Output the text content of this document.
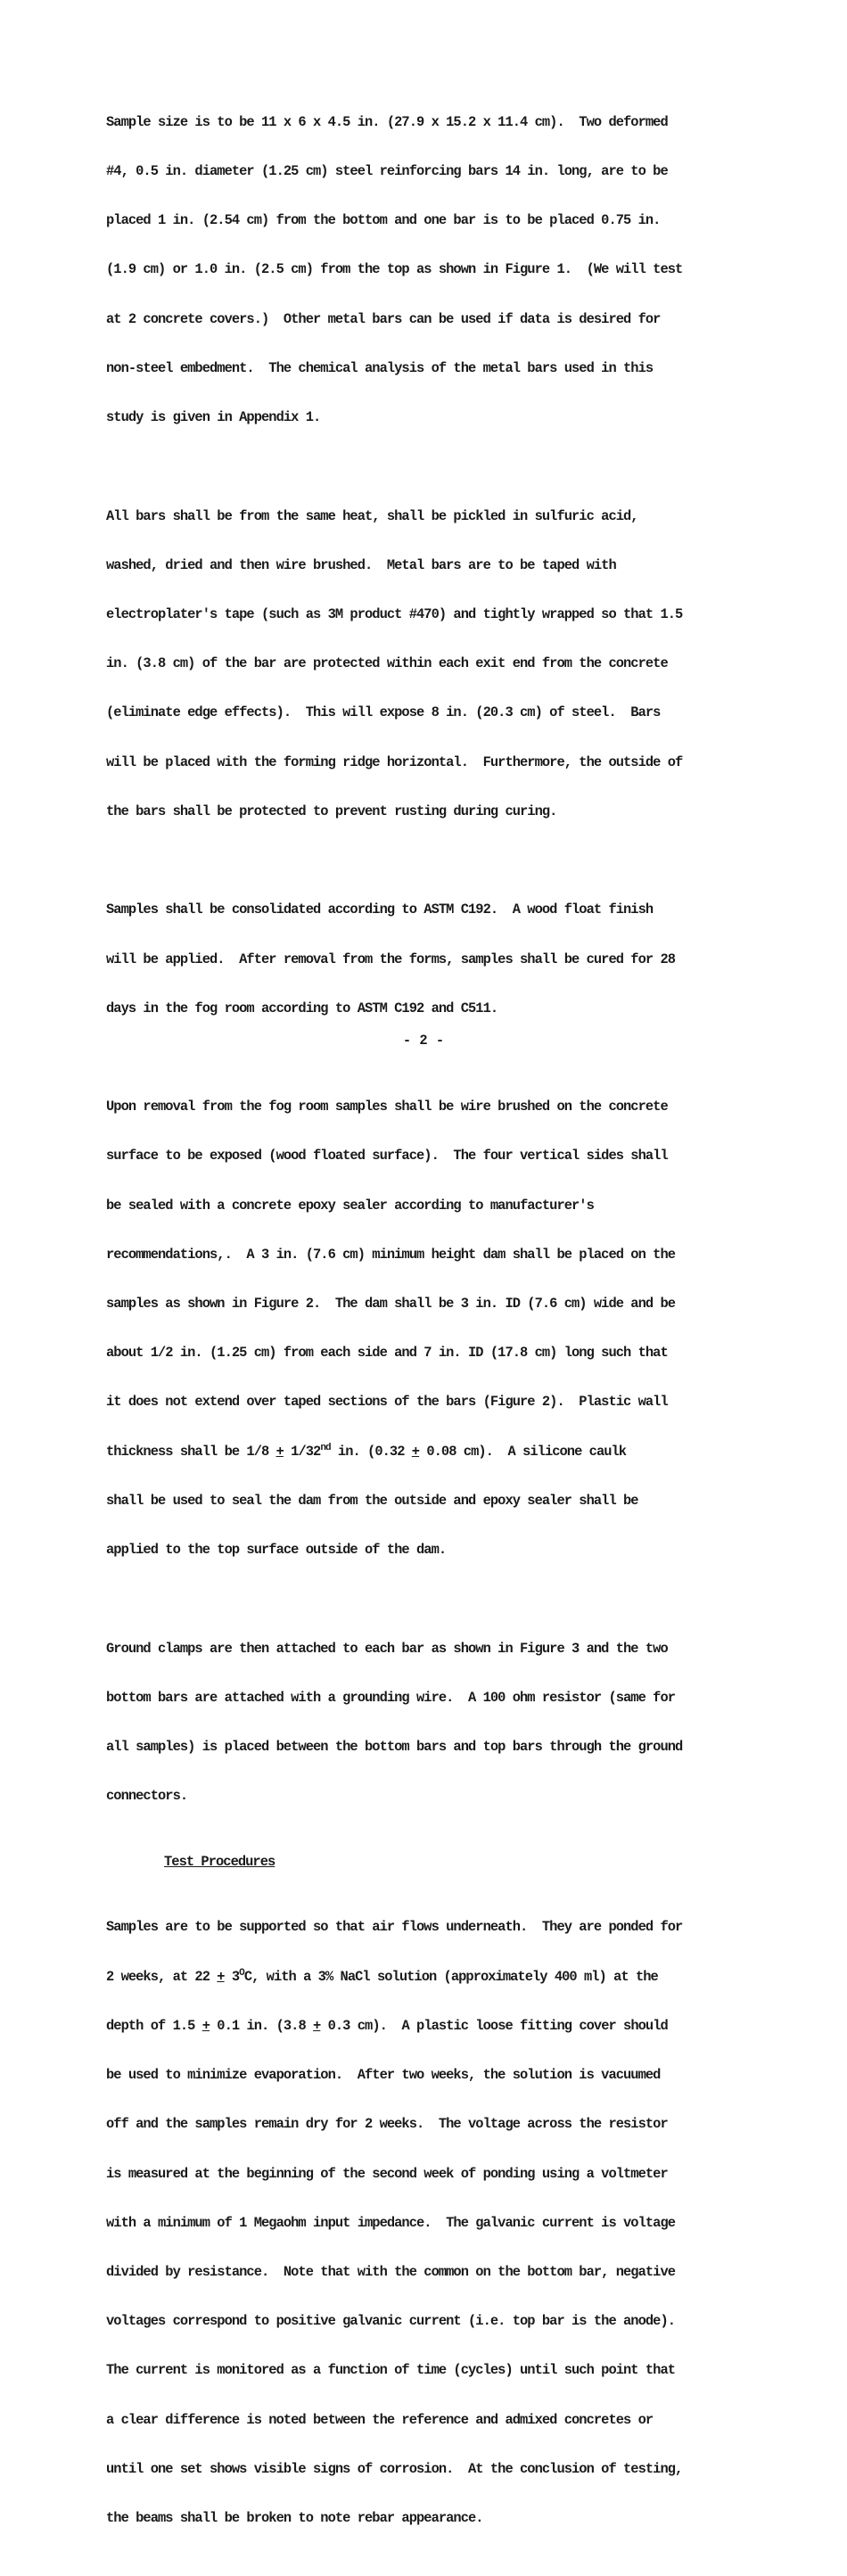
Sample size is to be 11 x 6 x 4.5 in. (27.9 x 15.2 x 11.4 cm).  Two deformed

#4, 0.5 in. diameter (1.25 cm) steel reinforcing bars 14 in. long, are to be

placed 1 in. (2.54 cm) from the bottom and one bar is to be placed 0.75 in.

(1.9 cm) or 1.0 in. (2.5 cm) from the top as shown in Figure 1.  (We will test

at 2 concrete covers.)  Other metal bars can be used if data is desired for

non-steel embedment.  The chemical analysis of the metal bars used in this

study is given in Appendix 1.

All bars shall be from the same heat, shall be pickled in sulfuric acid,

washed, dried and then wire brushed.  Metal bars are to be taped with

electroplater's tape (such as 3M product #470) and tightly wrapped so that 1.5

in. (3.8 cm) of the bar are protected within each exit end from the concrete

(eliminate edge effects).  This will expose 8 in. (20.3 cm) of steel.  Bars

will be placed with the forming ridge horizontal.  Furthermore, the outside of

the bars shall be protected to prevent rusting during curing.

Samples shall be consolidated according to ASTM C192.  A wood float finish

will be applied.  After removal from the forms, samples shall be cured for 28

days in the fog room according to ASTM C192 and C511.

Upon removal from the fog room samples shall be wire brushed on the concrete

surface to be exposed (wood floated surface).  The four vertical sides shall

be sealed with a concrete epoxy sealer according to manufacturer's

recommendations,.  A 3 in. (7.6 cm) minimum height dam shall be placed on the

samples as shown in Figure 2.  The dam shall be 3 in. ID (7.6 cm) wide and be

about 1/2 in. (1.25 cm) from each side and 7 in. ID (17.8 cm) long such that

it does not extend over taped sections of the bars (Figure 2).  Plastic wall

thickness shall be 1/8 + 1/32nd in. (0.32 + 0.08 cm).  A silicone caulk

shall be used to seal the dam from the outside and epoxy sealer shall be

applied to the top surface outside of the dam.

Ground clamps are then attached to each bar as shown in Figure 3 and the two

bottom bars are attached with a grounding wire.  A 100 ohm resistor (same for

all samples) is placed between the bottom bars and top bars through the ground

connectors.

Test Procedures

Samples are to be supported so that air flows underneath.  They are ponded for

2 weeks, at $22 + 3^OC$, with a 3% NaCl solution (approximately 400 ml) at the

depth of 1.5 + 0.1 in. (3.8 + 0.3 cm).  A plastic loose fitting cover should

be used to minimize evaporation.  After two weeks, the solution is vacuumed

off and the samples remain dry for 2 weeks.  The voltage across the resistor

is measured at the beginning of the second week of ponding using a voltmeter

with a minimum of 1 Megaohm input impedance.  The galvanic current is voltage

divided by resistance.  Note that with the common on the bottom bar, negative

voltages correspond to positive galvanic current (i.e. top bar is the anode).

The current is monitored as a function of time (cycles) until such point that

a clear difference is noted between the reference and admixed concretes or

until one set shows visible signs of corrosion.  At the conclusion of testing,

the beams shall be broken to note rebar appearance.

- 2 -
